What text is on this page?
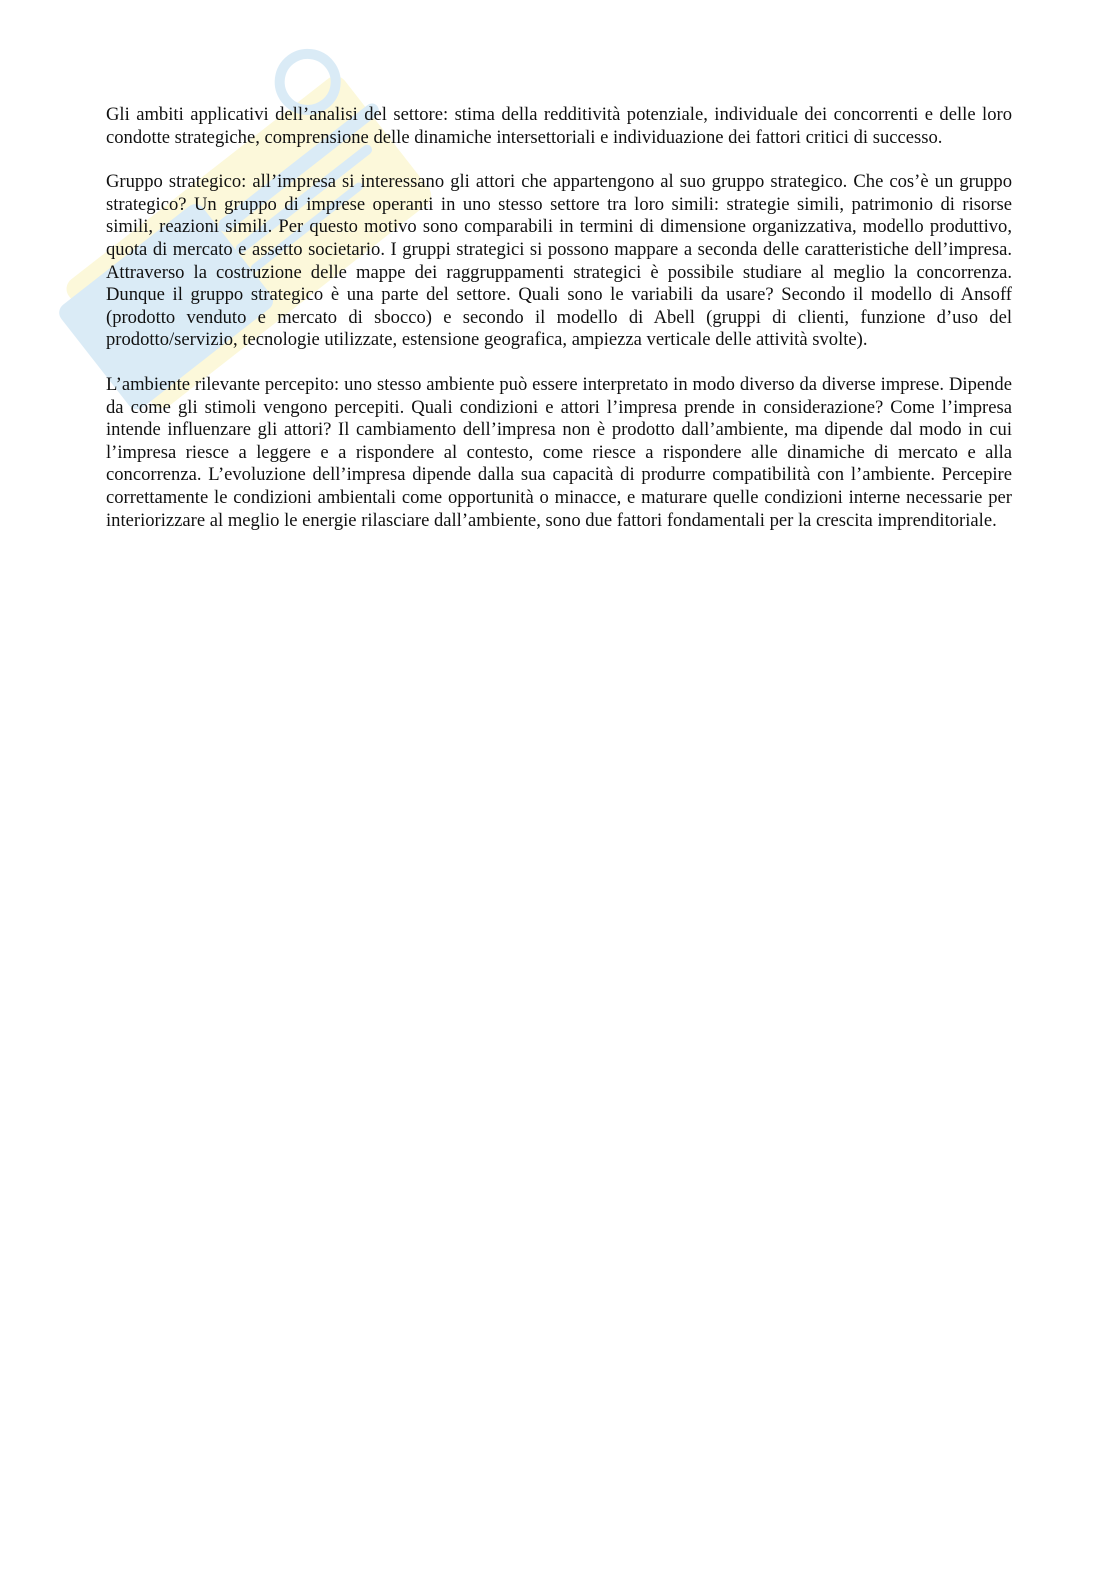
Gli ambiti applicativi dell’analisi del settore: stima della redditività potenziale, individuale dei concorrenti e delle loro condotte strategiche, comprensione delle dinamiche intersettoriali e individuazione dei fattori critici di successo.

Gruppo strategico: all’impresa si interessano gli attori che appartengono al suo gruppo strategico. Che cos’è un gruppo strategico? Un gruppo di imprese operanti in uno stesso settore tra loro simili: strategie simili, patrimonio di risorse simili, reazioni simili. Per questo motivo sono comparabili in termini di dimensione organizzativa, modello produttivo, quota di mercato e assetto societario. I gruppi strategici si possono mappare a seconda delle caratteristiche dell’impresa. Attraverso la costruzione delle mappe dei raggruppamenti strategici è possibile studiare al meglio la concorrenza. Dunque il gruppo strategico è una parte del settore. Quali sono le variabili da usare? Secondo il modello di Ansoff (prodotto venduto e mercato di sbocco) e secondo il modello di Abell (gruppi di clienti, funzione d’uso del prodotto/servizio, tecnologie utilizzate, estensione geografica, ampiezza verticale delle attività svolte).

L’ambiente rilevante percepito: uno stesso ambiente può essere interpretato in modo diverso da diverse imprese. Dipende da come gli stimoli vengono percepiti. Quali condizioni e attori l’impresa prende in considerazione? Come l’impresa intende influenzare gli attori? Il cambiamento dell’impresa non è prodotto dall’ambiente, ma dipende dal modo in cui l’impresa riesce a leggere e a rispondere al contesto, come riesce a rispondere alle dinamiche di mercato e alla concorrenza. L’evoluzione dell’impresa dipende dalla sua capacità di produrre compatibilità con l’ambiente. Percepire correttamente le condizioni ambientali come opportunità o minacce, e maturare quelle condizioni interne necessarie per interiorizzare al meglio le energie rilasciare dall’ambiente, sono due fattori fondamentali per la crescita imprenditoriale.
